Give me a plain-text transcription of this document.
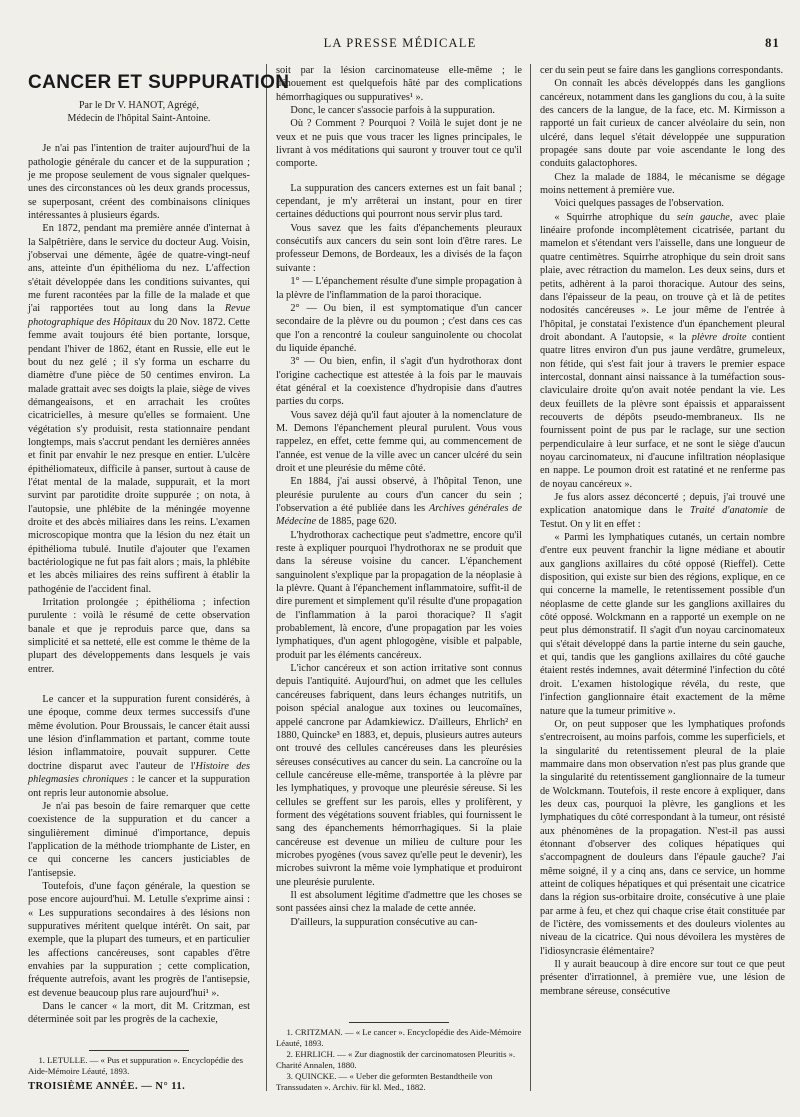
LA PRESSE MÉDICALE	81
CANCER ET SUPPURATION
Par le Dr V. HANOT, Agrégé,
Médecin de l'hôpital Saint-Antoine.

Je n'ai pas l'intention de traiter aujourd'hui de la pathologie générale du cancer et de la suppuration ; je me propose seulement de vous signaler quelques-unes des circonstances où les deux grands processus, se superposant, créent des combinaisons cliniques intéressantes à plusieurs égards.

En 1872, pendant ma première année d'internat à la Salpêtrière, dans le service du docteur Aug. Voisin, j'observai une démente, âgée de quatre-vingt-neuf ans, atteinte d'un épithélioma du nez. L'affection s'était développée dans les conditions suivantes, qui me furent racontées par la fille de la malade et que j'ai rapportées tout au long dans la Revue photographique des Hôpitaux du 20 Nov. 1872. Cette femme avait toujours été bien portante, lorsque, pendant l'hiver de 1862, étant en Russie, elle eut le bout du nez gelé ; il s'y forma un escharre du diamètre d'une pièce de 50 centimes environ. La malade grattait avec ses doigts la plaie, siège de vives démangeaisons, et en arrachait les croûtes cicatricielles, à mesure qu'elles se formaient. Une végétation s'y produisit, resta stationnaire pendant longtemps, mais s'accrut pendant les dernières années et finit par envahir le nez presque en entier. L'ulcère épithéliomateux, difficile à panser, surtout à cause de l'état mental de la malade, suppurait, et la mort survint par parotidite droite suppurée ; on nota, à l'autopsie, une phlébite de la méningée moyenne droite et des abcès miliaires dans les reins. L'examen microscopique montra que la lésion du nez était un épithélioma tubulé. Inutile d'ajouter que l'examen bactériologique ne fut pas fait alors ; mais, la phlébite et les abcès miliaires des reins suffirent à établir la pathogénie de l'accident final.

Irritation prolongée ; épithélioma ; infection purulente : voilà le résumé de cette observation banale et que je reproduis parce que, dans sa simplicité et sa netteté, elle est comme le thème de la plupart des développements dans lesquels je vais entrer.

Le cancer et la suppuration furent considérés, à une époque, comme deux termes successifs d'une même évolution. Pour Broussais, le cancer était aussi une lésion d'inflammation et partant, comme toute lésion inflammatoire, pouvait suppurer. Cette doctrine disparut avec l'auteur de l'Histoire des phlegmasies chroniques : le cancer et la suppuration ont repris leur autonomie absolue.

Je n'ai pas besoin de faire remarquer que cette coexistence de la suppuration et du cancer a singulièrement diminué d'importance, depuis l'application de la méthode triomphante de Lister, en ce qui concerne les cancers justiciables de l'antisepsie.

Toutefois, d'une façon générale, la question se pose encore aujourd'hui. M. Letulle s'exprime ainsi : « Les suppurations secondaires à des lésions non suppuratives méritent quelque intérêt. On sait, par exemple, que la plupart des tumeurs, et en particulier les affections cancéreuses, sont capables d'être envahies par la suppuration ; cette complication, fréquente autrefois, avant les progrès de l'antisepsie, est devenue beaucoup plus rare aujourd'hui¹ ».

Dans le cancer « la mort, dit M. Critzman, est déterminée soit par les progrès de la cachexie,

1. LETULLE. — « Pus et suppuration ». Encyclopédie des Aide-Mémoire Léauté, 1893.
TROISIÈME ANNÉE. — N° 11.

soit par la lésion carcinomateuse elle-même ; le dénouement est quelquefois hâté par des complications hémorrhagiques ou suppuratives¹ ».

Donc, le cancer s'associe parfois à la suppuration.

Où ? Comment ? Pourquoi ? Voilà le sujet dont je ne veux et ne puis que vous tracer les lignes principales, le livrant à vos méditations qui sauront y trouver tout ce qu'il comporte.

La suppuration des cancers externes est un fait banal ; cependant, je m'y arrêterai un instant, pour en tirer certaines déductions qui pourront nous servir plus tard.

Vous savez que les faits d'épanchements pleuraux consécutifs aux cancers du sein sont loin d'être rares. Le professeur Demons, de Bordeaux, les a divisés de la façon suivante :

1° — L'épanchement résulte d'une simple propagation à la plèvre de l'inflammation de la paroi thoracique.

2° — Ou bien, il est symptomatique d'un cancer secondaire de la plèvre ou du poumon ; c'est dans ces cas que l'on a rencontré la couleur sanguinolente ou chocolat du liquide épanché.

3° — Ou bien, enfin, il s'agit d'un hydrothorax dont l'origine cachectique est attestée à la fois par le mauvais état général et la coexistence d'hydropisie dans d'autres parties du corps.

Vous savez déjà qu'il faut ajouter à la nomenclature de M. Demons l'épanchement pleural purulent. Vous vous rappelez, en effet, cette femme qui, au commencement de l'année, est venue de la ville avec un cancer ulcéré du sein droit et une pleurésie du même côté.

En 1884, j'ai aussi observé, à l'hôpital Tenon, une pleurésie purulente au cours d'un cancer du sein ; l'observation a été publiée dans les Archives générales de Médecine de 1885, page 620.

L'hydrothorax cachectique peut s'admettre, encore qu'il reste à expliquer pourquoi l'hydrothorax ne se produit que dans la séreuse voisine du cancer. L'épanchement sanguinolent s'explique par la propagation de la néoplasie à la plèvre. Quant à l'épanchement inflammatoire, suffit-il de dire purement et simplement qu'il résulte d'une propagation de l'inflammation à la paroi thoracique? Il s'agit probablement, là encore, d'une propagation par les voies lymphatiques, d'un agent phlogogène, visible et palpable, produit par les éléments cancéreux.

L'ichor cancéreux et son action irritative sont connus depuis l'antiquité. Aujourd'hui, on admet que les cellules cancéreuses fabriquent, dans leurs échanges nutritifs, un poison spécial analogue aux toxines ou leucomaïnes, appelé cancrone par Adamkiewicz. D'ailleurs, Ehrlich² en 1880, Quincke³ en 1883, et, depuis, plusieurs autres auteurs ont trouvé des cellules cancéreuses dans les pleurésies séreuses consécutives au cancer du sein. La cancroïne ou la cellule cancéreuse elle-même, transportée à la plèvre par les lymphatiques, y provoque une pleurésie séreuse. Si les cellules se greffent sur les parois, elles y prolifèrent, y forment des végétations souvent friables, qui fournissent le sang des épanchements hémorrhagiques. Si la plaie cancéreuse est devenue un milieu de culture pour les microbes pyogènes (vous savez qu'elle peut le devenir), les microbes suivront la même voie lymphatique et produiront une pleurésie purulente.

Il est absolument légitime d'admettre que les choses se sont passées ainsi chez la malade de cette année.

D'ailleurs, la suppuration consécutive au can-

1. CRITZMAN. — « Le cancer ». Encyclopédie des Aide-Mémoire Léauté, 1893.
2. EHRLICH. — « Zur diagnostik der carcinomatosen Pleuritis ». Charité Annalen, 1880.
3. QUINCKE. — « Ueber die geformten Bestandtheile von Transsudaten ». Archiv. für kl. Med., 1882.

cer du sein peut se faire dans les ganglions correspondants.

On connaît les abcès développés dans les ganglions cancéreux, notamment dans les ganglions du cou, à la suite des cancers de la langue, de la face, etc. M. Kirmisson a rapporté un fait curieux de cancer alvéolaire du sein, non ulcéré, dans lequel s'était développée une suppuration propagée sans doute par voie ascendante le long des conduits galactophores.

Chez la malade de 1884, le mécanisme se dégage moins nettement à première vue.

Voici quelques passages de l'observation.

« Squirrhe atrophique du sein gauche, avec plaie linéaire profonde incomplètement cicatrisée, partant du mamelon et s'étendant vers l'aisselle, dans une longueur de quatre centimètres. Squirrhe atrophique du sein droit sans plaie, avec rétraction du mamelon. Les deux seins, durs et petits, adhèrent à la paroi thoracique. Autour des seins, dans l'épaisseur de la peau, on trouve çà et là de petites nodosités cancéreuses ». Le jour même de l'entrée à l'hôpital, je constatai l'existence d'un épanchement pleural droit abondant. A l'autopsie, « la plèvre droite contient quatre litres environ d'un pus jaune verdâtre, grumeleux, non fétide, qui s'est fait jour à travers le premier espace intercostal, donnant ainsi naissance à la tuméfaction sous-claviculaire droite qu'on avait notée pendant la vie. Les deux feuillets de la plèvre sont épaissis et apparaissent recouverts de dépôts pseudo-membraneux. Ils ne fournissent point de pus par le raclage, sur une section perpendiculaire à leur surface, et ne sont le siège d'aucun noyau carcinomateux, ni d'aucune infiltration néoplasique en nappe. Le poumon droit est ratatiné et ne renferme pas de noyau cancéreux ».

Je fus alors assez déconcerté ; depuis, j'ai trouvé une explication anatomique dans le Traité d'anatomie de Testut. On y lit en effet :

« Parmi les lymphatiques cutanés, un certain nombre d'entre eux peuvent franchir la ligne médiane et aboutir aux ganglions axillaires du côté opposé (Rieffel). Cette disposition, qui existe sur bien des régions, explique, en ce qui concerne la mamelle, le retentissement possible d'un néoplasme de cette glande sur les ganglions axillaires du côté opposé. Wolckmann en a rapporté un exemple on ne peut plus démonstratif. Il s'agit d'un noyau carcinomateux qui s'était développé dans la partie interne du sein gauche, et qui, tandis que les ganglions axillaires du côté gauche étaient restés indemnes, avait déterminé l'infection du côté droit. L'examen histologique révéla, du reste, que l'infection ganglionnaire était exactement de la même nature que la tumeur primitive ».

Or, on peut supposer que les lymphatiques profonds s'entrecroisent, au moins parfois, comme les superficiels, et la singularité du retentissement pleural de la plaie mammaire dans mon observation n'est pas plus grande que la singularité du retentissement ganglionnaire de la tumeur de Wolckmann. Toutefois, il reste encore à expliquer, dans les deux cas, pourquoi la plèvre, les ganglions et les lymphatiques du côté correspondant à la tumeur, ont résisté aux phénomènes de la propagation. N'est-il pas aussi étonnant d'observer des coliques hépatiques qui s'accompagnent de douleurs dans l'épaule gauche? J'ai même soigné, il y a cinq ans, dans ce service, un homme atteint de coliques hépatiques et qui présentait une cicatrice dans la région sus-orbitaire droite, consécutive à une plaie par arme à feu, et chez qui chaque crise était constituée par de l'ictère, des vomissements et des douleurs violentes au niveau de la cicatrice. Qui nous dévoilera les mystères de l'idiosyncrasie élémentaire?

Il y aurait beaucoup à dire encore sur tout ce que peut présenter d'irrationnel, à première vue, une lésion de membrane séreuse, consécutive
